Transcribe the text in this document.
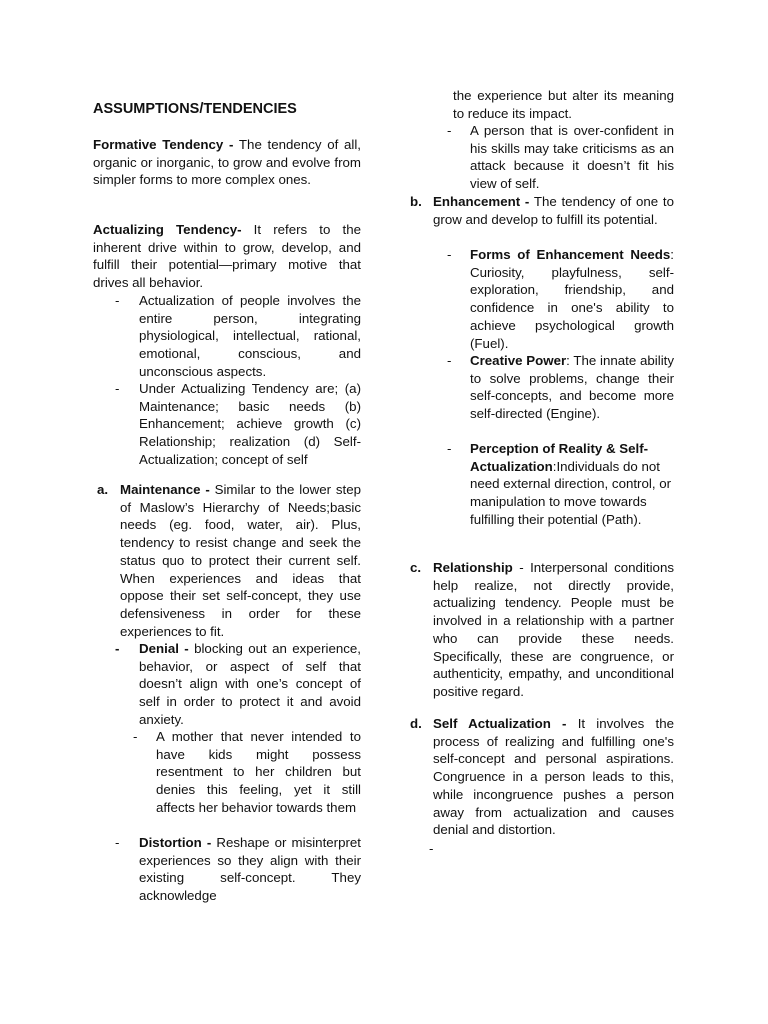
ASSUMPTIONS/TENDENCIES

Formative Tendency - The tendency of all, organic or inorganic, to grow and evolve from simpler forms to more complex ones.

Actualizing Tendency- It refers to the inherent drive within to grow, develop, and fulfill their potential—primary motive that drives all behavior.

- Actualization of people involves the entire person, integrating physiological, intellectual, rational, emotional, conscious, and unconscious aspects.

- Under Actualizing Tendency are; (a) Maintenance; basic needs (b) Enhancement; achieve growth (c) Relationship; realization (d) Self-Actualization; concept of self

a. Maintenance - Similar to the lower step of Maslow’s Hierarchy of Needs;basic needs (eg. food, water, air). Plus, tendency to resist change and seek the status quo to protect their current self. When experiences and ideas that oppose their set self-concept, they use defensiveness in order for these experiences to fit.

- Denial - blocking out an experience, behavior, or aspect of self that doesn’t align with one’s concept of self in order to protect it and avoid anxiety.

- A mother that never intended to have kids might possess resentment to her children but denies this feeling, yet it still affects her behavior towards them

- Distortion - Reshape or misinterpret experiences so they align with their existing self-concept. They acknowledge

the experience but alter its meaning to reduce its impact.

- A person that is over-confident in his skills may take criticisms as an attack because it doesn’t fit his view of self.

b. Enhancement - The tendency of one to grow and develop to fulfill its potential.

- Forms of Enhancement Needs: Curiosity, playfulness, self-exploration, friendship, and confidence in one's ability to achieve psychological growth (Fuel).

- Creative Power: The innate ability to solve problems, change their self-concepts, and become more self-directed (Engine).

- Perception of Reality & Self-Actualization:Individuals do not need external direction, control, or manipulation to move towards fulfilling their potential (Path).

c. Relationship - Interpersonal conditions help realize, not directly provide, actualizing tendency. People must be involved in a relationship with a partner who can provide these needs. Specifically, these are congruence, or authenticity, empathy, and unconditional positive regard.

d. Self Actualization - It involves the process of realizing and fulfilling one's self-concept and personal aspirations. Congruence in a person leads to this, while incongruence pushes a person away from actualization and causes denial and distortion.

-
